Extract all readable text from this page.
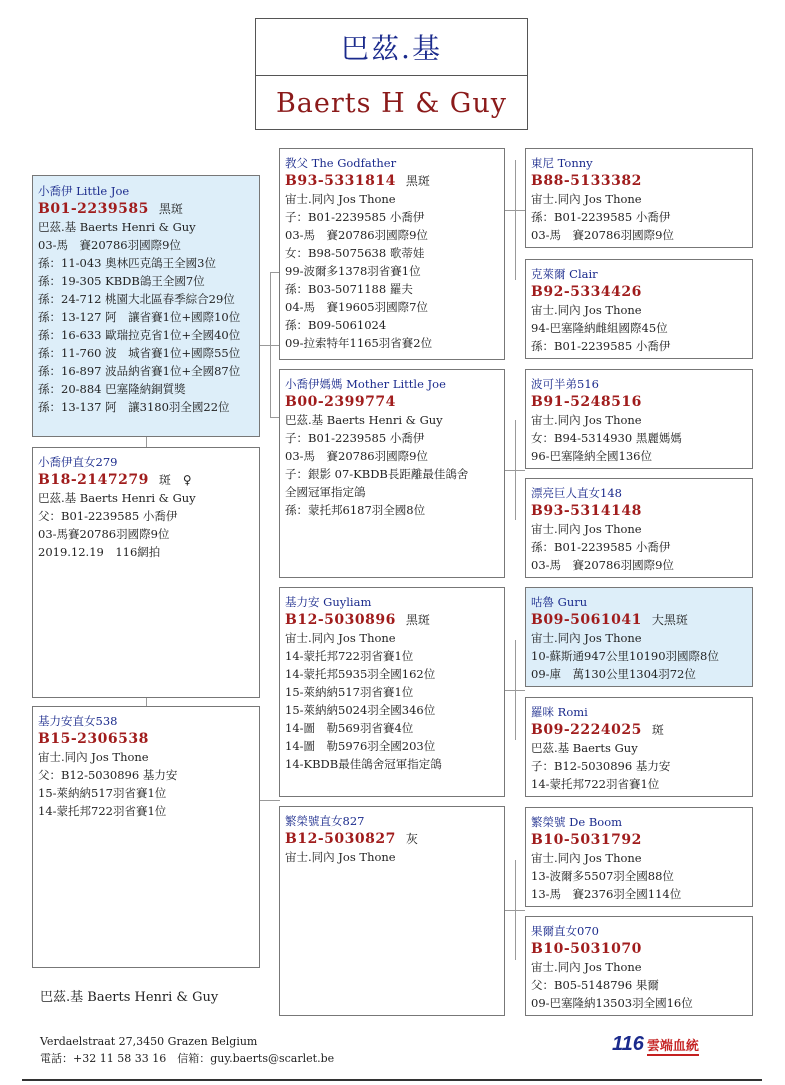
巴茲.基
Baerts H & Guy
小喬伊 Little Joe
B01-2239585 黑斑
巴茲.基 Baerts Henri & Guy
03-馬　賽20786羽國際9位
孫：11-043 奧林匹克鴿王全國3位
孫：19-305 KBDB鴿王全國7位
孫：24-712 桃園大北區春季綜合29位
孫：13-127 阿　讓省賽1位+國際10位
孫：16-633 歐瑞拉克省1位+全國40位
孫：11-760 波　城省賽1位+國際55位
孫：16-897 波品納省賽1位+全國87位
孫：20-884 巴塞隆納銅質獎
孫：13-137 阿　讓3180羽全國22位
小喬伊直女279
B18-2147279 斑　♀
巴茲.基 Baerts Henri & Guy
父：B01-2239585 小喬伊
03-馬賽20786羽國際9位
2019.12.19　116網拍
基力安直女538
B15-2306538
宙士.同內 Jos Thone
父：B12-5030896 基力安
15-萊納納517羽省賽1位
14-蒙托邦722羽省賽1位
教父 The Godfather
B93-5331814 黑斑
宙士.同內 Jos Thone
子：B01-2239585 小喬伊
03-馬　賽20786羽國際9位
女：B98-5075638 歌蒂娃
99-波爾多1378羽省賽1位
孫：B03-5071188 羅夫
04-馬　賽19605羽國際7位
孫：B09-5061024
09-拉索特年1165羽省賽2位
小喬伊媽媽 Mother Little Joe
B00-2399774
巴茲.基 Baerts Henri & Guy
子：B01-2239585 小喬伊
03-馬　賽20786羽國際9位
子：銀影 07-KBDB長距離最佳鴿舍
全國冠軍指定鴿
孫：蒙托邦6187羽全國8位
基力安 Guyliam
B12-5030896 黑斑
宙士.同內 Jos Thone
14-蒙托邦722羽省賽1位
14-蒙托邦5935羽全國162位
15-萊納納517羽省賽1位
15-萊納納5024羽全國346位
14-圖　勒569羽省賽4位
14-圖　勒5976羽全國203位
14-KBDB最佳鴿舍冠軍指定鴿
繁榮號直女827
B12-5030827 灰
宙士.同內 Jos Thone
東尼 Tonny
B88-5133382
宙士.同內 Jos Thone
孫：B01-2239585 小喬伊
03-馬　賽20786羽國際9位
克萊爾 Clair
B92-5334426
宙士.同內 Jos Thone
94-巴塞隆納雌組國際45位
孫：B01-2239585 小喬伊
波可半弟516
B91-5248516
宙士.同內 Jos Thone
女：B94-5314930 黑麗媽媽
96-巴塞隆納全國136位
漂亮巨人直女148
B93-5314148
宙士.同內 Jos Thone
孫：B01-2239585 小喬伊
03-馬　賽20786羽國際9位
咕魯 Guru
B09-5061041 大黑斑
宙士.同內 Jos Thone
10-蘇斯通947公里10190羽國際8位
09-庫　萬130公里1304羽72位
羅咪 Romi
B09-2224025 斑
巴茲.基 Baerts Guy
子：B12-5030896 基力安
14-蒙托邦722羽省賽1位
繁榮號 De Boom
B10-5031792
宙士.同內 Jos Thone
13-波爾多5507羽全國88位
13-馬　賽2376羽全國114位
果爾直女070
B10-5031070
宙士.同內 Jos Thone
父：B05-5148796 果爾
09-巴塞隆納13503羽全國16位
巴茲.基 Baerts Henri & Guy
Verdaelstraat 27,3450 Grazen Belgium
電話：+32 11 58 33 16　信箱：guy.baerts@scarlet.be
116 雲端血統
